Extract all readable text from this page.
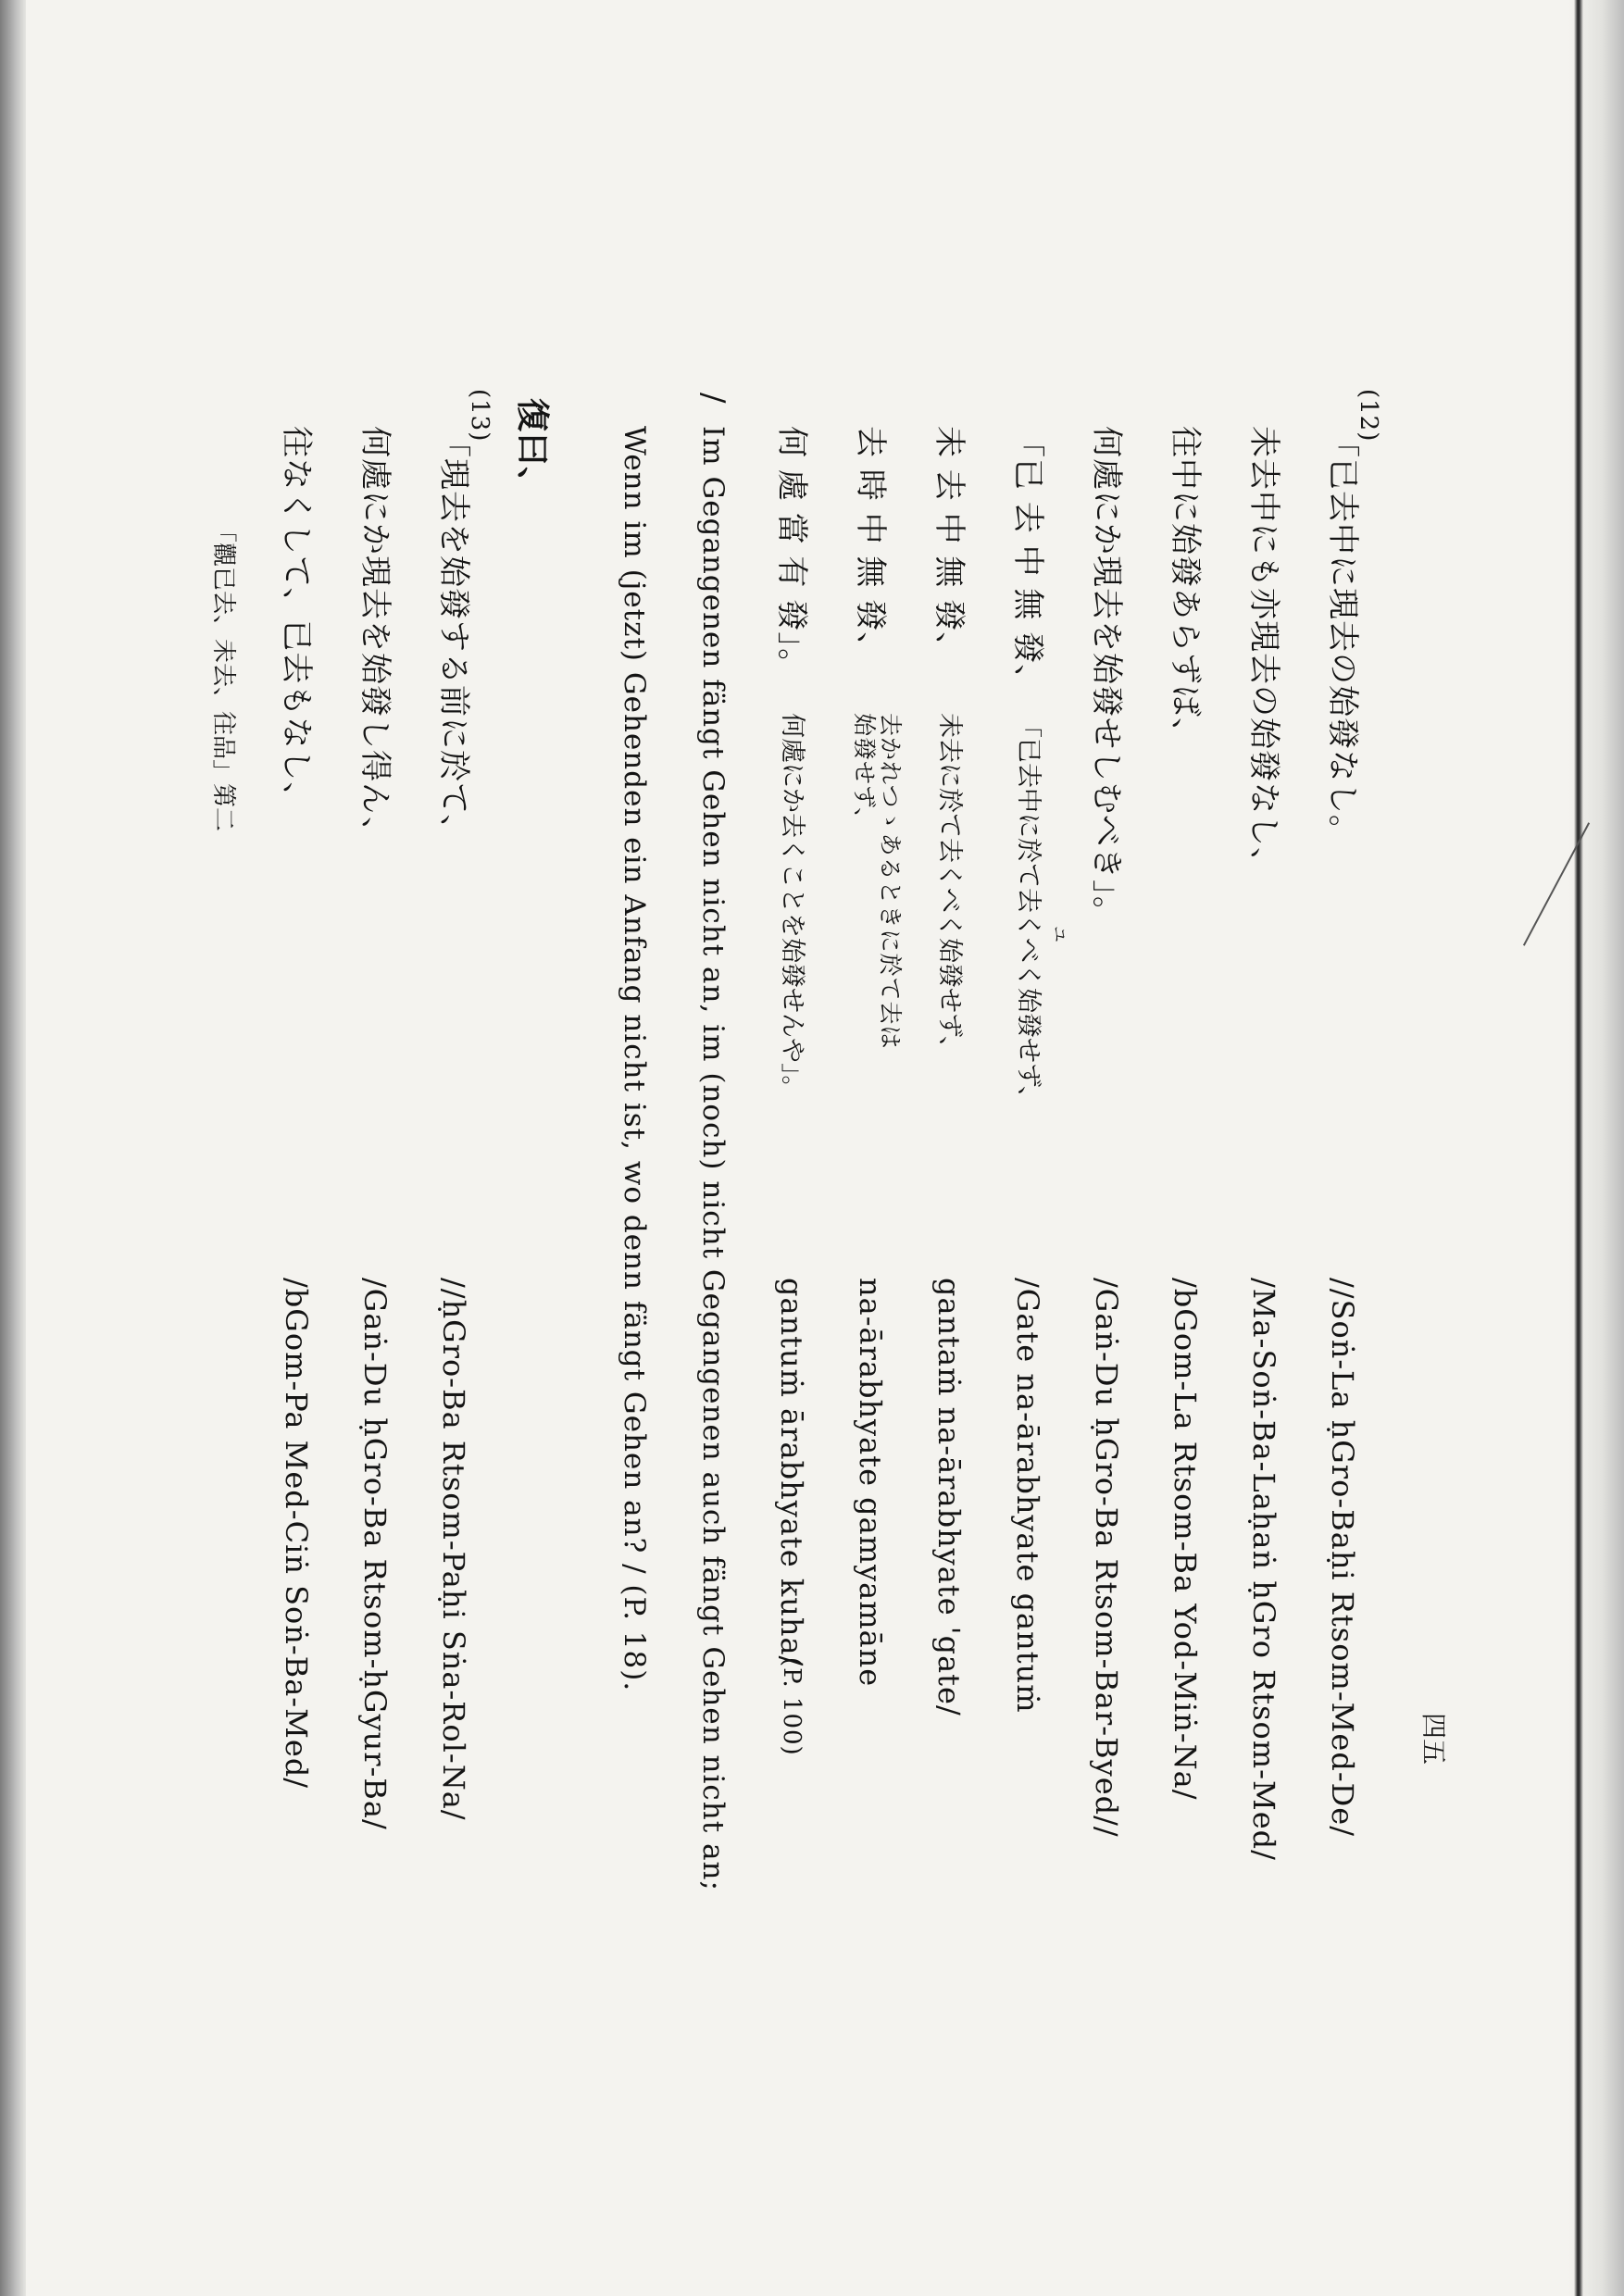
四五
(12)
「已去中に現去の始發なし。
//Soṅ-La ḥGro-Baḥi Rtsom-Med-De/
未去中にも亦現去の始發なし、
/Ma-Soṅ-Ba-Laḥaṅ ḥGro Rtsom-Med/
往中に始發あらずば、
/bGom-La Rtsom-Ba Yod-Miṅ-Na/
何處にか現去を始發せしむべき」。
/Gaṅ-Du ḥGro-Ba Rtsom-Bar-Byed//
「已 去 中 無 發、
ユ
「已去中に於て去くべく始發せず、
/Gate na-ārabhyate gantuṁ
未 去 中 無 發、
未去に於て去くべく始發せず、
gantaṁ na-ārabhyate 'gate/
去 時 中 無 發、
去かれつゝあるときに於て去は
始發せず、
na-ārabhyate gamyamāne
何 處 當 有 發」。
何處にか去くことを始發せんや」。
gantuṁ ārabhyate kuha/
(P. 100)
/
Im Gegangenen fängt Gehen nicht an, im (noch) nicht Gegangenen auch fängt Gehen nicht an;
Wenn im (jetzt) Gehenden ein Anfang nicht ist, wo denn fängt Gehen an? / (P. 18).
復曰、
(13)
「現去を始發する前に於て、
//ḥGro-Ba Rtsom-Paḥi Sṅa-Rol-Na/
何處にか現去を始發し得ん、
/Gaṅ-Du ḥGro-Ba Rtsom-ḥGyur-Ba/
往なくして、已去もなし、
/bGom-Pa Med-Ciṅ Soṅ-Ba-Med/
「觀已去、未去、往品」第二
